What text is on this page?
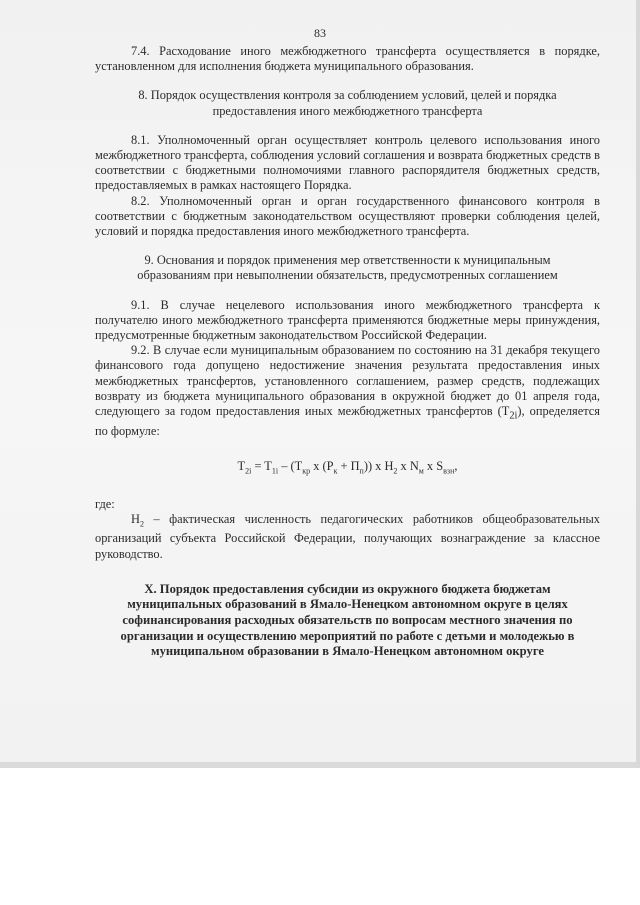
83

7.4. Расходование иного межбюджетного трансферта осуществляется в порядке, установленном для исполнения бюджета муниципального образования.

8. Порядок осуществления контроля за соблюдением условий, целей и порядка предоставления иного межбюджетного трансферта

8.1. Уполномоченный орган осуществляет контроль целевого использования иного межбюджетного трансферта, соблюдения условий соглашения и возврата бюджетных средств в соответствии с бюджетными полномочиями главного распорядителя бюджетных средств, предоставляемых в рамках настоящего Порядка.

8.2. Уполномоченный орган и орган государственного финансового контроля в соответствии с бюджетным законодательством осуществляют проверки соблюдения целей, условий и порядка предоставления иного межбюджетного трансферта.

9. Основания и порядок применения мер ответственности к муниципальным образованиям при невыполнении обязательств, предусмотренных соглашением

9.1. В случае нецелевого использования иного межбюджетного трансферта к получателю иного межбюджетного трансферта применяются бюджетные меры принуждения, предусмотренные бюджетным законодательством Российской Федерации.

9.2. В случае если муниципальным образованием по состоянию на 31 декабря текущего финансового года допущено недостижение значения результата предоставления иных межбюджетных трансфертов, установленного соглашением, размер средств, подлежащих возврату из бюджета муниципального образования в окружной бюджет до 01 апреля года, следующего за годом предоставления иных межбюджетных трансфертов $(T_{2i})$, определяется по формуле:

$T_{2i} = T_{1i} - (T_{кр}$ x $(P_к + П_п)$) x $H_2$ x $N_м$ x $S_{взн}$,

где:

$H_2$ – фактическая численность педагогических работников общеобразовательных организаций субъекта Российской Федерации, получающих вознаграждение за классное руководство.

X. Порядок предоставления субсидии из окружного бюджета бюджетам муниципальных образований в Ямало-Ненецком автономном округе в целях софинансирования расходных обязательств по вопросам местного значения по организации и осуществлению мероприятий по работе с детьми и молодежью в муниципальном образовании в Ямало-Ненецком автономном округе
